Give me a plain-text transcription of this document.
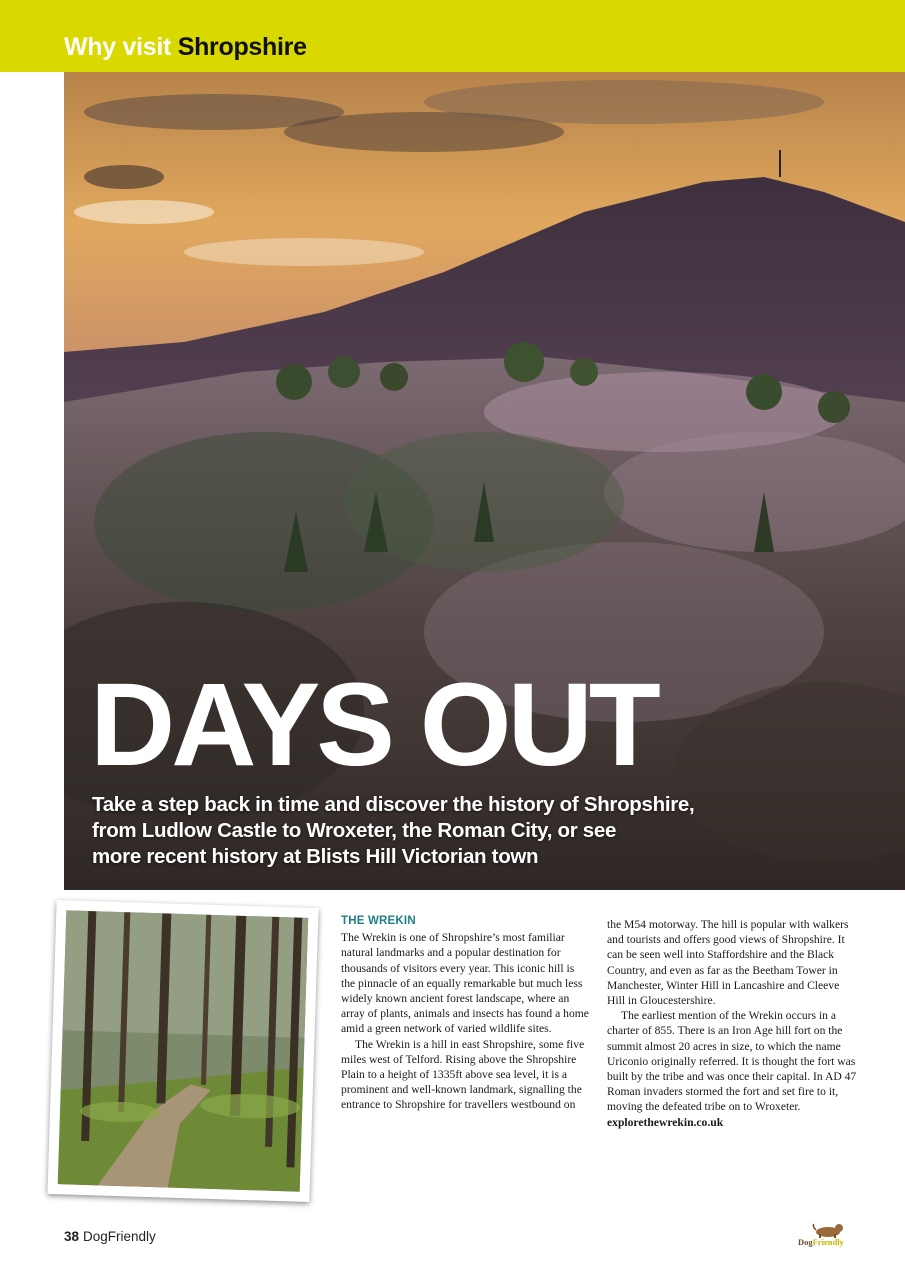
Why visit Shropshire
DAYS OUT

Take a step back in time and discover the history of Shropshire,
from Ludlow Castle to Wroxeter, the Roman City, or see
more recent history at Blists Hill Victorian town

THE WREKIN

The Wrekin is one of Shropshire’s most familiar natural landmarks and a popular destination for thousands of visitors every year. This iconic hill is the pinnacle of an equally remarkable but much less widely known ancient forest landscape, where an array of plants, animals and insects has found a home amid a green network of varied wildlife sites.

The Wrekin is a hill in east Shropshire, some five miles west of Telford. Rising above the Shropshire Plain to a height of 1335ft above sea level, it is a prominent and well-known landmark, signalling the entrance to Shropshire for travellers westbound on

the M54 motorway. The hill is popular with walkers and tourists and offers good views of Shropshire. It can be seen well into Staffordshire and the Black Country, and even as far as the Beetham Tower in Manchester, Winter Hill in Lancashire and Cleeve Hill in Gloucestershire.

The earliest mention of the Wrekin occurs in a charter of 855. There is an Iron Age hill fort on the summit almost 20 acres in size, to which the name Uriconio originally referred. It is thought the fort was built by the tribe and was once their capital. In AD 47 Roman invaders stormed the fort and set fire to it, moving the defeated tribe on to Wroxeter.

explorethewrekin.co.uk

38 DogFriendly	DogFriendly
